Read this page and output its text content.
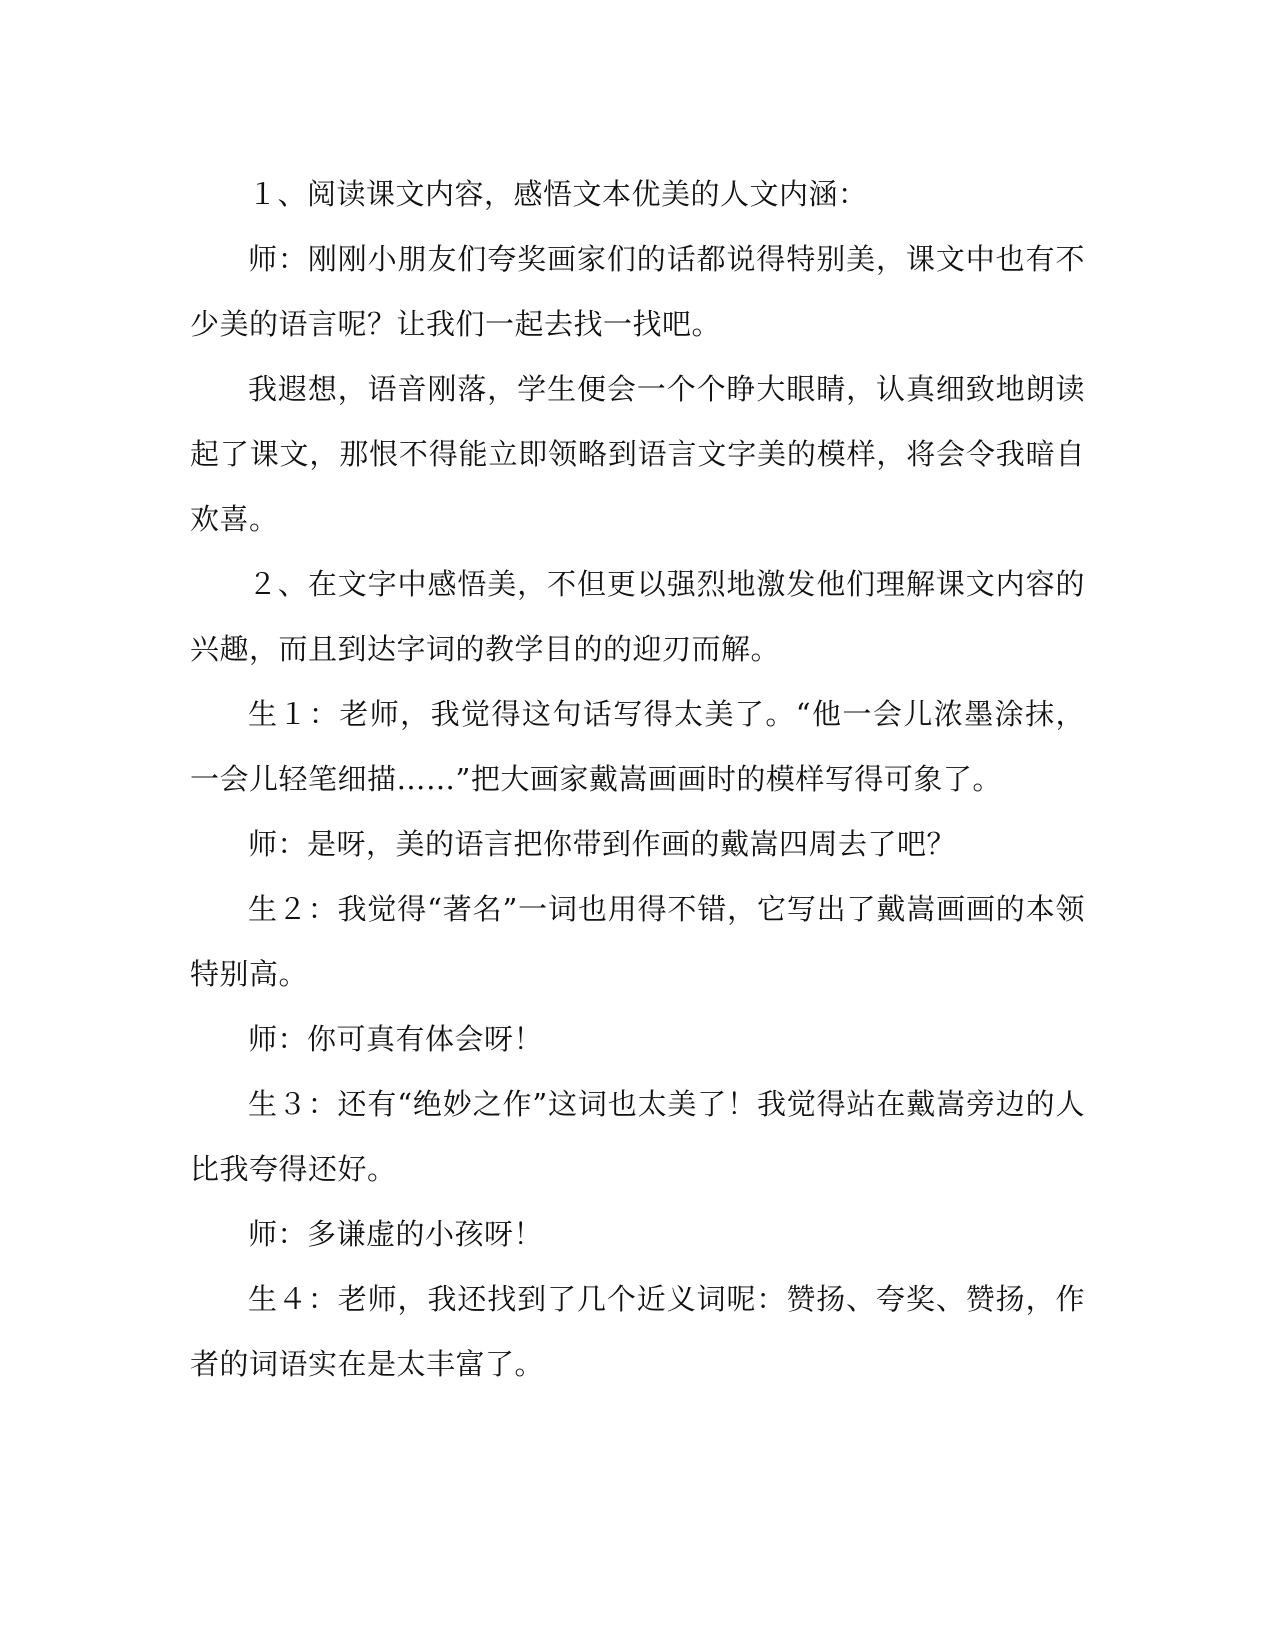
１、阅读课文内容，感悟文本优美的人文内涵：

师：刚刚小朋友们夸奖画家们的话都说得特别美，课文中也有不少美的语言呢？让我们一起去找一找吧。

我遐想，语音刚落，学生便会一个个睁大眼睛，认真细致地朗读起了课文，那恨不得能立即领略到语言文字美的模样，将会令我暗自欢喜。

２、在文字中感悟美，不但更以强烈地激发他们理解课文内容的兴趣，而且到达字词的教学目的的迎刃而解。

生１：老师，我觉得这句话写得太美了。“他一会儿浓墨涂抹，一会儿轻笔细描……”把大画家戴嵩画画时的模样写得可象了。

师：是呀，美的语言把你带到作画的戴嵩四周去了吧？

生２：我觉得“著名”一词也用得不错，它写出了戴嵩画画的本领特别高。

师：你可真有体会呀！

生３：还有“绝妙之作”这词也太美了！我觉得站在戴嵩旁边的人比我夸得还好。

师：多谦虚的小孩呀！

生４：老师，我还找到了几个近义词呢：赞扬、夸奖、赞扬，作者的词语实在是太丰富了。
